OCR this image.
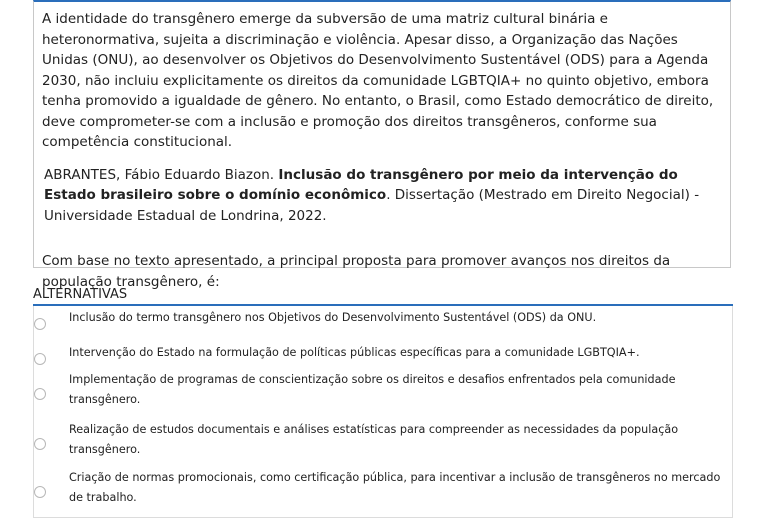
A identidade do transgênero emerge da subversão de uma matriz cultural binária e heteronormativa, sujeita a discriminação e violência. Apesar disso, a Organização das Nações Unidas (ONU), ao desenvolver os Objetivos do Desenvolvimento Sustentável (ODS) para a Agenda 2030, não incluiu explicitamente os direitos da comunidade LGBTQIA+ no quinto objetivo, embora tenha promovido a igualdade de gênero. No entanto, o Brasil, como Estado democrático de direito, deve comprometer-se com a inclusão e promoção dos direitos transgêneros, conforme sua competência constitucional.

ABRANTES, Fábio Eduardo Biazon. Inclusão do transgênero por meio da intervenção do Estado brasileiro sobre o domínio econômico. Dissertação (Mestrado em Direito Negocial) - Universidade Estadual de Londrina, 2022.

Com base no texto apresentado, a principal proposta para promover avanços nos direitos da população transgênero, é:

ALTERNATIVAS
Inclusão do termo transgênero nos Objetivos do Desenvolvimento Sustentável (ODS) da ONU.
Intervenção do Estado na formulação de políticas públicas específicas para a comunidade LGBTQIA+.
Implementação de programas de conscientização sobre os direitos e desafios enfrentados pela comunidade transgênero.
Realização de estudos documentais e análises estatísticas para compreender as necessidades da população transgênero.
Criação de normas promocionais, como certificação pública, para incentivar a inclusão de transgêneros no mercado de trabalho.
